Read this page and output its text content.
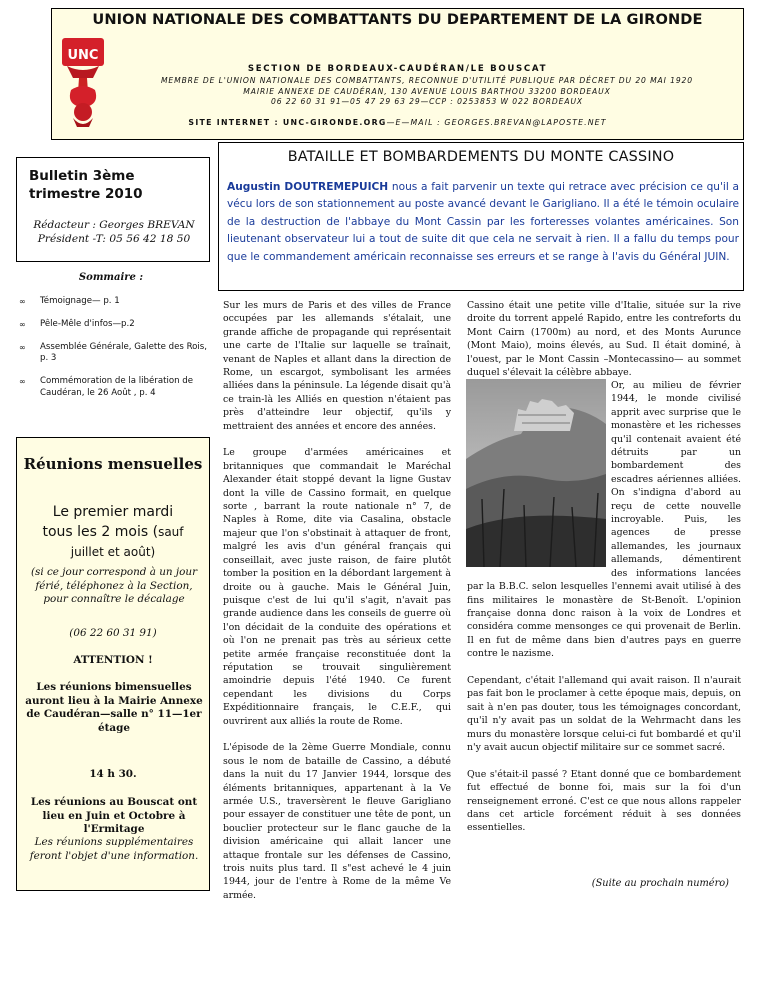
UNION NATIONALE DES COMBATTANTS DU DEPARTEMENT DE LA GIRONDE
UNC
SECTION DE BORDEAUX-CAUDÉRAN/LE BOUSCAT
MEMBRE DE L'UNION NATIONALE DES COMBATTANTS, RECONNUE D'UTILITÉ PUBLIQUE PAR DÉCRET DU 20 MAI 1920
MAIRIE ANNEXE DE CAUDÉRAN, 130 AVENUE LOUIS BARTHOU 33200 BORDEAUX
06 22 60 31 91—05 47 29 63 29—CCP : 0253853 W 022 BORDEAUX
SITE INTERNET : UNC-GIRONDE.ORG—E—MAIL : GEORGES.BREVAN@LAPOSTE.NET
Bulletin 3ème trimestre 2010
Rédacteur : Georges BREVAN
Président -T: 05 56 42 18 50
Sommaire :
∞ Témoignage— p. 1
∞ Pêle-Mêle d'infos—p.2
∞ Assemblée Générale, Galette des Rois, p. 3
∞ Commémoration de la libération de Caudéran, le 26 Août , p. 4
Réunions mensuelles
Le premier mardi
tous les 2 mois (sauf
juillet et août)
(si ce jour correspond à un jour férié, téléphonez à la Section, pour connaître le décalage
(06 22 60 31 91)
ATTENTION !
Les réunions bimensuelles auront lieu à la Mairie Annexe de Caudéran—salle n° 11—1er étage
14 h 30.
Les réunions au Bouscat ont lieu en Juin et Octobre à l'Ermitage
Les réunions supplémentaires feront l'objet d'une information.
BATAILLE ET BOMBARDEMENTS DU MONTE CASSINO
Augustin DOUTREMEPUICH nous a fait parvenir un texte qui retrace avec précision ce qu'il a vécu lors de son stationnement au poste avancé devant le Garigliano. Il a été le témoin oculaire de la destruction de l'abbaye du Mont Cassin par les forteresses volantes américaines. Son lieutenant observateur lui a tout de suite dit que cela ne servait à rien. Il a fallu du temps pour que le commandement américain reconnaisse ses erreurs et se range à l'avis du Général JUIN.

Sur les murs de Paris et des villes de France occupées par les allemands s'étalait, une grande affiche de propagande qui représentait une carte de l'Italie sur laquelle se traînait, venant de Naples et allant dans la direction de Rome, un escargot, symbolisant les armées alliées dans la péninsule. La légende disait qu'à ce train-là les Alliés en question n'étaient pas près d'atteindre leur objectif, qu'ils y mettraient des années et encore des années.

Le groupe d'armées américaines et britanniques que commandait le Maréchal Alexander était stoppé devant la ligne Gustav dont la ville de Cassino formait, en quelque sorte , barrant la route nationale n° 7, de Naples à Rome, dite via Casalina, obstacle majeur que l'on s'obstinait à attaquer de front, malgré les avis d'un général français qui conseillait, avec juste raison, de faire plutôt tomber la position en la débordant largement à droite ou à gauche. Mais le Général Juin, puisque c'est de lui qu'il s'agit, n'avait pas grande audience dans les conseils de guerre où l'on décidait de la conduite des opérations et où l'on ne prenait pas très au sérieux cette petite armée française reconstituée dont la réputation se trouvait singulièrement amoindrie depuis l'été 1940. Ce furent cependant les divisions du Corps Expéditionnaire français, le C.E.F., qui ouvrirent aux alliés la route de Rome.

L'épisode de la 2ème Guerre Mondiale, connu sous le nom de bataille de Cassino, a débuté dans la nuit du 17 Janvier 1944, lorsque des éléments britanniques, appartenant à la Ve armée U.S., traversèrent le fleuve Garigliano pour essayer de constituer une tête de pont, un bouclier protecteur sur le flanc gauche de la division américaine qui allait lancer une attaque frontale sur les défenses de Cassino, trois nuits plus tard. Il s"est achevé le 4 juin 1944, jour de l'entre à Rome de la même Ve armée.

Cassino était une petite ville d'Italie, située sur la rive droite du torrent appelé Rapido, entre les contreforts du Mont Cairn (1700m) au nord, et des Monts Aurunce (Mont Maio), moins élevés, au Sud. Il était dominé, à l'ouest, par le Mont Cassin –Montecassino— au sommet duquel s'élevait la célèbre abbaye.

Or, au milieu de février 1944, le monde civilisé apprit avec surprise que le monastère et les richesses qu'il contenait avaient été détruits par un bombardement des escadres aériennes alliées. On s'indigna d'abord au reçu de cette nouvelle incroyable. Puis, les agences de presse allemandes, les journaux allemands, démentirent des informations lancées par la B.B.C. selon lesquelles l'ennemi avait utilisé à des fins militaires le monastère de St-Benoît. L'opinion française donna donc raison à la voix de Londres et considéra comme mensonges ce qui provenait de Berlin. Il en fut de même dans bien d'autres pays en guerre contre le nazisme.

Cependant, c'était l'allemand qui avait raison. Il n'aurait pas fait bon le proclamer à cette époque mais, depuis, on sait à n'en pas douter, tous les témoignages concordant, qu'il n'y avait pas un soldat de la Wehrmacht dans les murs du monastère lorsque celui-ci fut bombardé et qu'il n'y avait aucun objectif militaire sur ce sommet sacré.

Que s'était-il passé ? Etant donné que ce bombardement fut effectué de bonne foi, mais sur la foi d'un renseignement erroné. C'est ce que nous allons rappeler dans cet article forcément réduit à ses données essentielles.

(Suite au prochain numéro)
